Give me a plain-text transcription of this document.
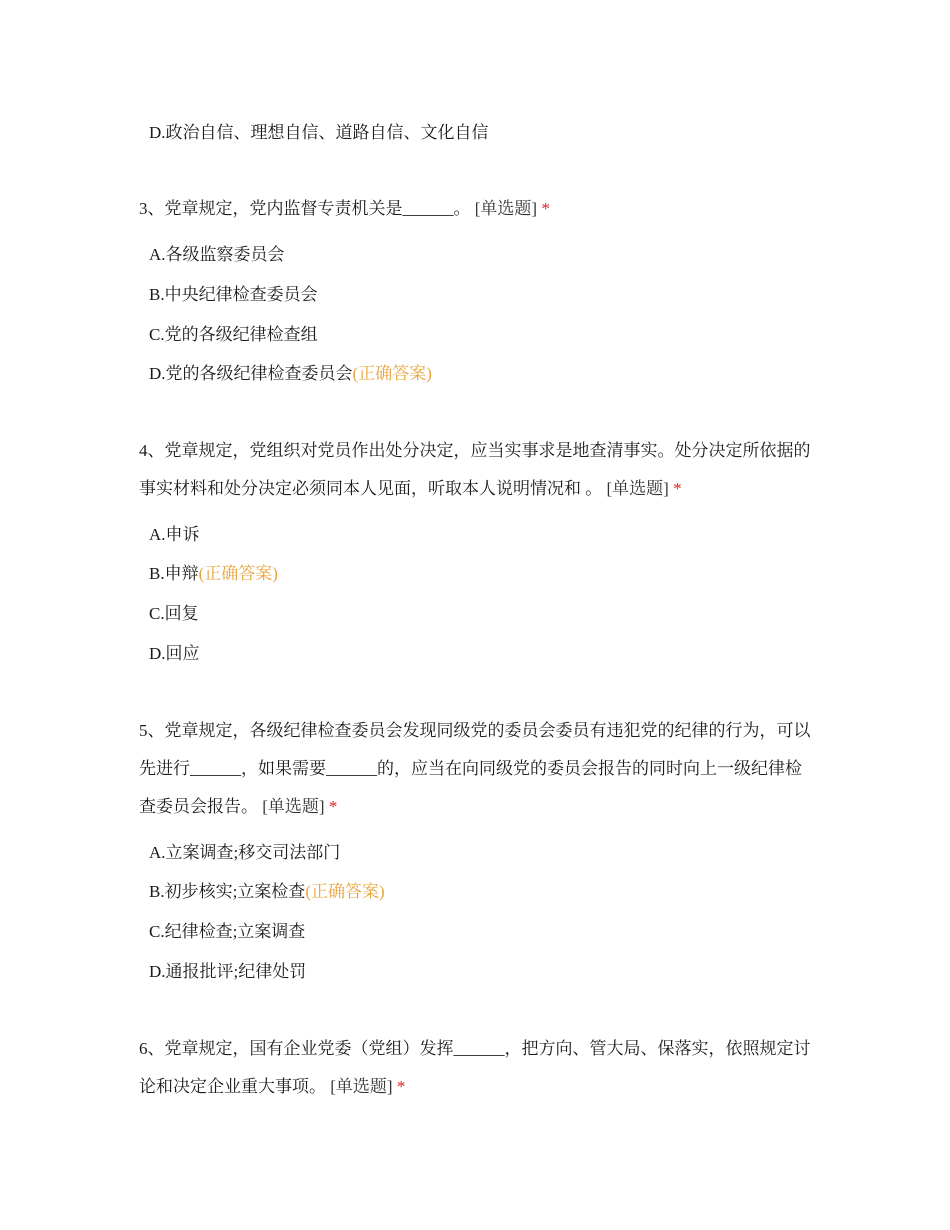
D.政治自信、理想自信、道路自信、文化自信
3、党章规定，党内监督专责机关是______。 [单选题] *
A.各级监察委员会
B.中央纪律检查委员会
C.党的各级纪律检查组
D.党的各级纪律检查委员会(正确答案)
4、党章规定，党组织对党员作出处分决定，应当实事求是地查清事实。处分决定所依据的事实材料和处分决定必须同本人见面，听取本人说明情况和 。 [单选题] *
A.申诉
B.申辩(正确答案)
C.回复
D.回应
5、党章规定，各级纪律检查委员会发现同级党的委员会委员有违犯党的纪律的行为，可以先进行______，如果需要______的，应当在向同级党的委员会报告的同时向上一级纪律检查委员会报告。 [单选题] *
A.立案调查;移交司法部门
B.初步核实;立案检查(正确答案)
C.纪律检查;立案调查
D.通报批评;纪律处罚
6、党章规定，国有企业党委（党组）发挥______，把方向、管大局、保落实，依照规定讨论和决定企业重大事项。 [单选题] *
